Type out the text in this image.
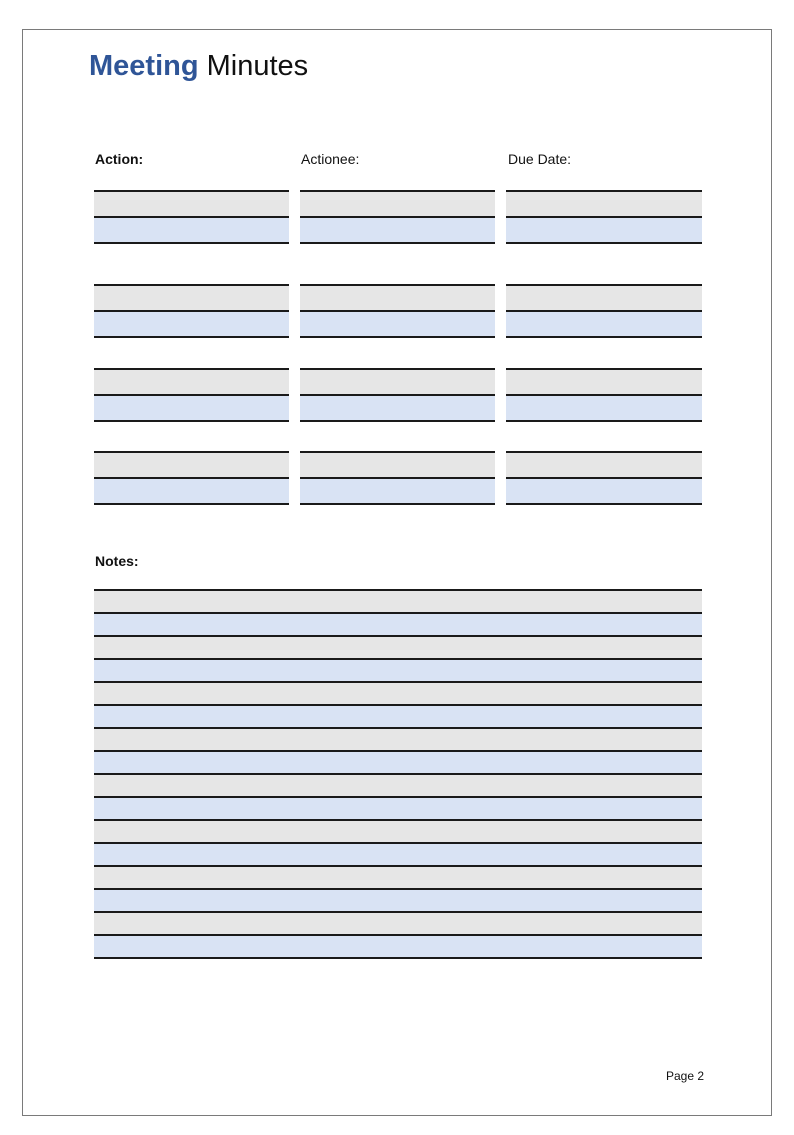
Meeting Minutes
Action:	Actionee:	Due Date:
Notes:
Page 2
